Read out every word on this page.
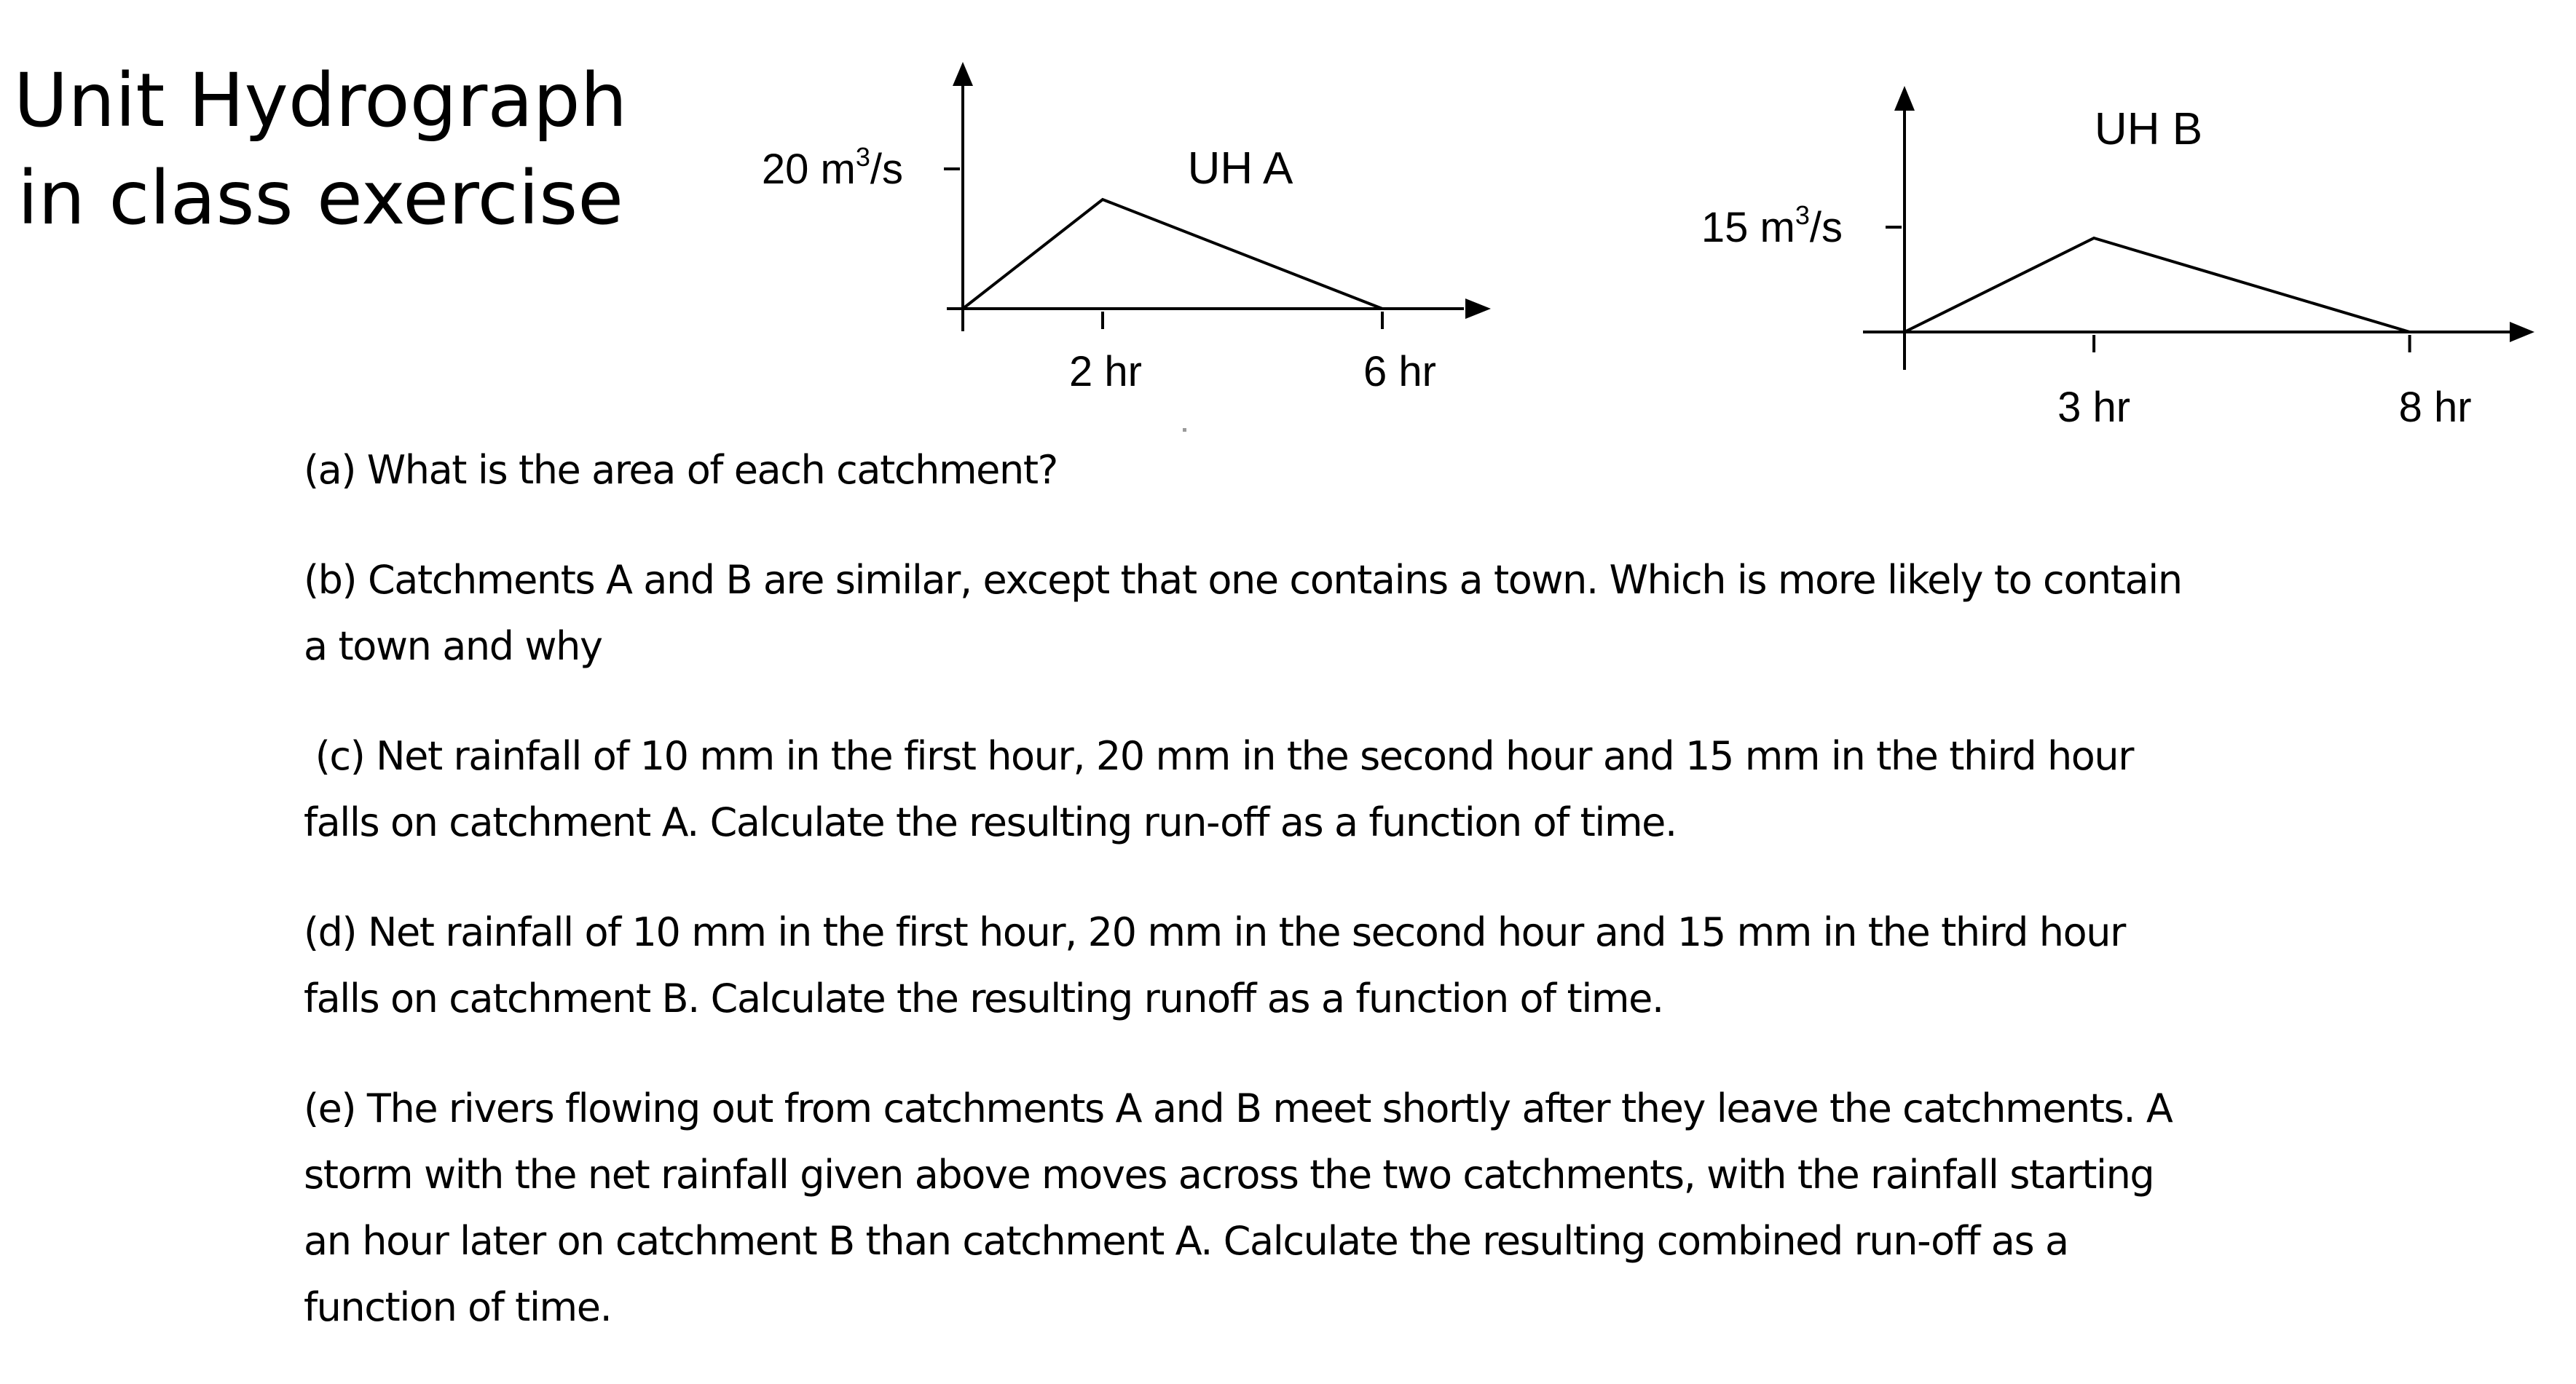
Unit Hydrograph
in class exercise	UH A
20 $m^3/s$
2 hr	6 hr
UH B
15 $m^3/s$
3 hr	8 hr

(a) What is the area of each catchment?

(b) Catchments A and B are similar, except that one contains a town. Which is more likely to contain
a town and why

(c) Net rainfall of 10 mm in the first hour, 20 mm in the second hour and 15 mm in the third hour
falls on catchment A. Calculate the resulting run-off as a function of time.

(d) Net rainfall of 10 mm in the first hour, 20 mm in the second hour and 15 mm in the third hour
falls on catchment B. Calculate the resulting runoff as a function of time.

(e) The rivers flowing out from catchments A and B meet shortly after they leave the catchments. A
storm with the net rainfall given above moves across the two catchments, with the rainfall starting
an hour later on catchment B than catchment A. Calculate the resulting combined run-off as a
function of time.
